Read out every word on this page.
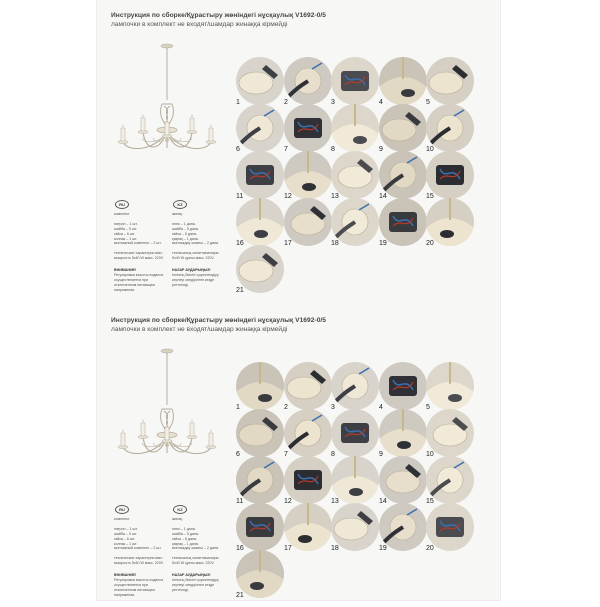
Инструкция по сборке/Құрастыру жөніндегі нұсқаулық V1692-0/5
лампочки в комплект не входят/шамдар жинаққа кірмейді
RU	KZ
комплект

патрон – 1 шт.
шайба – 5 шт.
гайка – 6 шт.
колпак – 1 шт.
монтажный комплект – 2 шт.

технические характеристики:
мощность 5x40 W макс. 220V
ВНИМАНИЕ!
Регулировка высоты подвеса осуществляется при отключенном питающем напряжении.
жинақ:

ілгек – 1 дана.
шайба – 5 дана.
гайка – 6 дана.
қақпақ – 1 дана.
монтаждау жиыны – 2 дана.

техникалық сипаттамалары:
5x40 W қуаты макс. 220V
НАЗАР АУДАРЫҢЫЗ!
Ілгектің биіктігі қоректендіру кернеуі сөндірілген кезде реттеледі.
1	2	3	4	5
6	7	8	9	10
11	12	13	14	15
16	17	18	19	20
21
Инструкция по сборке/Құрастыру жөніндегі нұсқаулық V1692-0/5
лампочки в комплект не входят/шамдар жинаққа кірмейді
RU	KZ
комплект

патрон – 1 шт.
шайба – 5 шт.
гайка – 6 шт.
колпак – 1 шт.
монтажный комплект – 2 шт.

технические характеристики:
мощность 5x40 W макс. 220V
ВНИМАНИЕ!
Регулировка высоты подвеса осуществляется при отключенном питающем напряжении.
жинақ:

ілгек – 1 дана.
шайба – 5 дана.
гайка – 6 дана.
қақпақ – 1 дана.
монтаждау жиыны – 2 дана.

техникалық сипаттамалары:
5x40 W қуаты макс. 220V
НАЗАР АУДАРЫҢЫЗ!
Ілгектің биіктігі қоректендіру кернеуі сөндірілген кезде реттеледі.
1	2	3	4	5
6	7	8	9	10
11	12	13	14	15
16	17	18	19	20
21
